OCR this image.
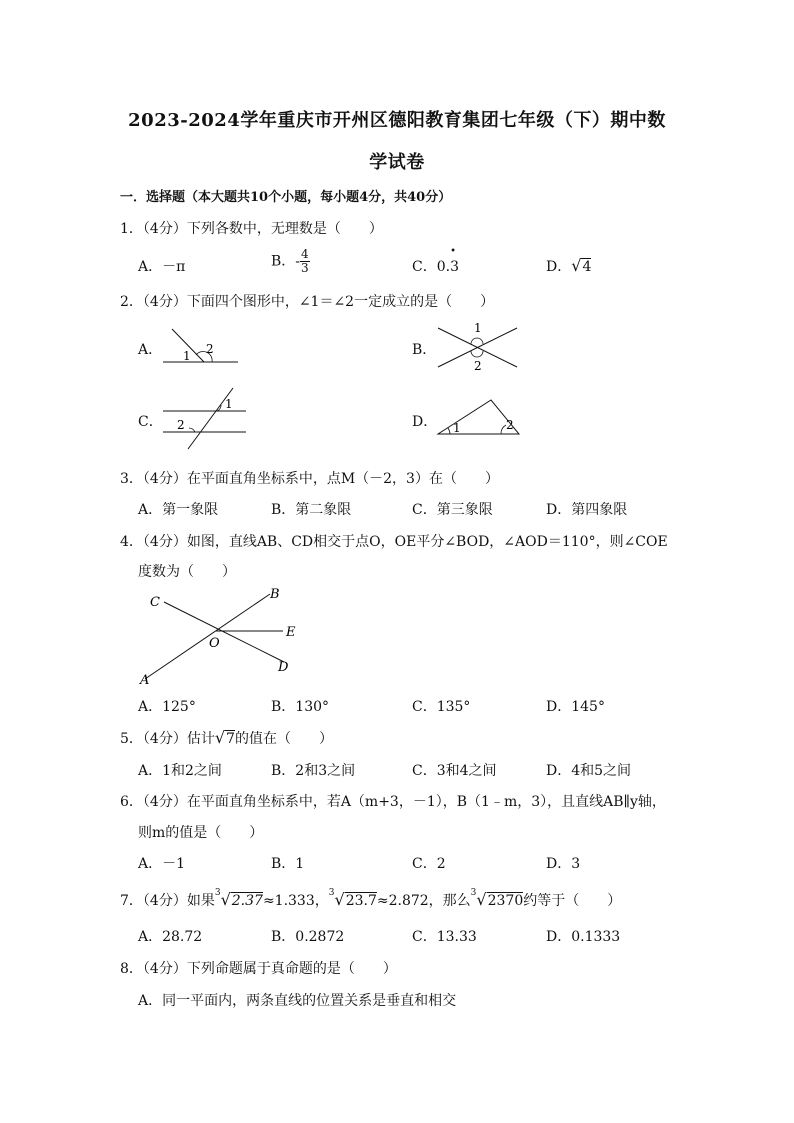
2023-2024学年重庆市开州区德阳教育集团七年级（下）期中数
学试卷
一．选择题（本大题共10个小题，每小题4分，共40分）
1．（4分）下列各数中，无理数是（　　）
A．－π	B．- $\frac{4}{3}$	C．0.
•
3	D．√4
2．（4分）下面四个图形中，∠1＝∠2一定成立的是（　　）
A． 1 2	B．
1
2
C．
1
2	D． 1	2
3．（4分）在平面直角坐标系中，点M（－2，3）在（　　）
A．第一象限	B．第二象限	C．第三象限	D．第四象限
4．（4分）如图，直线AB、CD相交于点O，OE平分∠BOD，∠AOD＝110°，则∠COE
度数为（　　）
C
B
E
O
D
A
A．125°	B．130°	C．135°	D．145°
5．（4分）估计√7的值在（　　）
A．1和2之间	B．2和3之间	C．3和4之间	D．4和5之间
6．（4分）在平面直角坐标系中，若A（m+3，－1），B（1﹣m，3），且直线AB∥y轴，
则m的值是（　　）
A．－1	B．1	C．2	D．3
7．（4分）如果$^3$√2.37≈1.333，$^3$√23.7≈2.872，那么$^3$√2370约等于（　　）
A．28.72	B．0.2872	C．13.33	D．0.1333
8．（4分）下列命题属于真命题的是（　　）
A．同一平面内，两条直线的位置关系是垂直和相交
